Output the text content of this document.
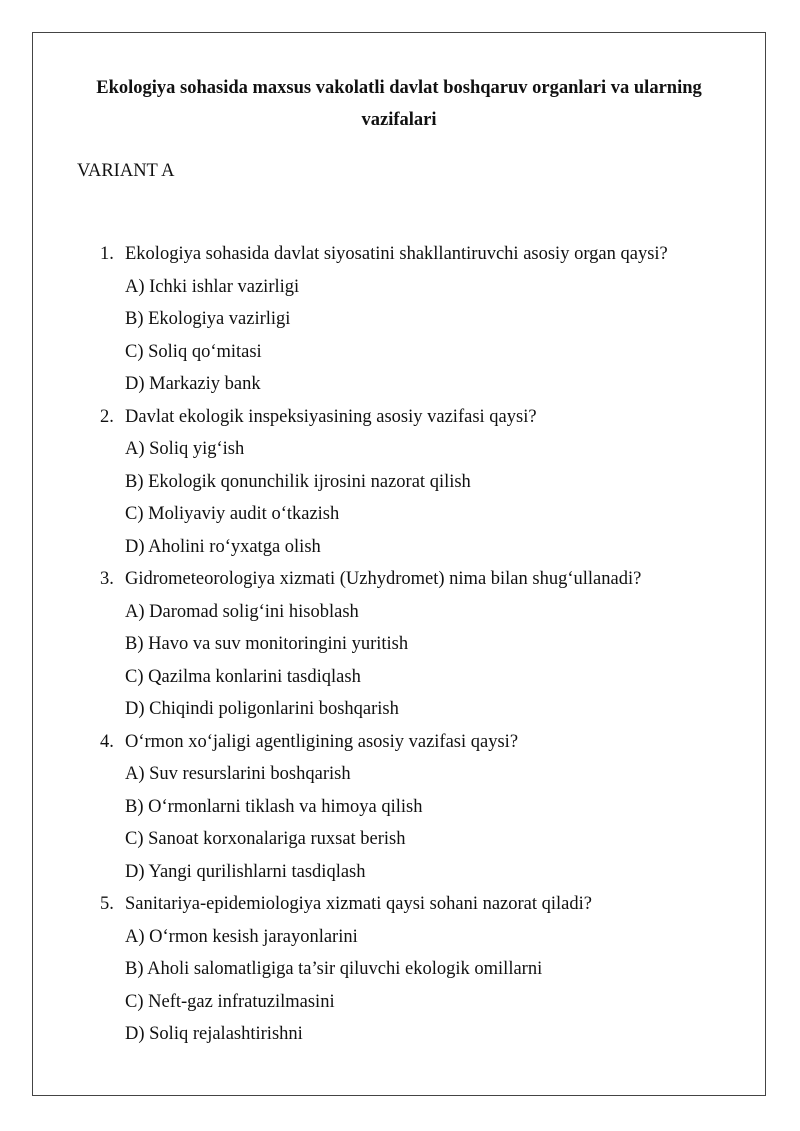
Ekologiya sohasida maxsus vakolatli davlat boshqaruv organlari va ularning
vazifalari

VARIANT A

1. Ekologiya sohasida davlat siyosatini shakllantiruvchi asosiy organ qaysi?
A) Ichki ishlar vazirligi
B) Ekologiya vazirligi
C) Soliq qo‘mitasi
D) Markaziy bank
2. Davlat ekologik inspeksiyasining asosiy vazifasi qaysi?
A) Soliq yig‘ish
B) Ekologik qonunchilik ijrosini nazorat qilish
C) Moliyaviy audit o‘tkazish
D) Aholini ro‘yxatga olish
3. Gidrometeorologiya xizmati (Uzhydromet) nima bilan shug‘ullanadi?
A) Daromad solig‘ini hisoblash
B) Havo va suv monitoringini yuritish
C) Qazilma konlarini tasdiqlash
D) Chiqindi poligonlarini boshqarish
4. O‘rmon xo‘jaligi agentligining asosiy vazifasi qaysi?
A) Suv resurslarini boshqarish
B) O‘rmonlarni tiklash va himoya qilish
C) Sanoat korxonalariga ruxsat berish
D) Yangi qurilishlarni tasdiqlash
5. Sanitariya-epidemiologiya xizmati qaysi sohani nazorat qiladi?
A) O‘rmon kesish jarayonlarini
B) Aholi salomatligiga ta’sir qiluvchi ekologik omillarni
C) Neft-gaz infratuzilmasini
D) Soliq rejalashtirishni
